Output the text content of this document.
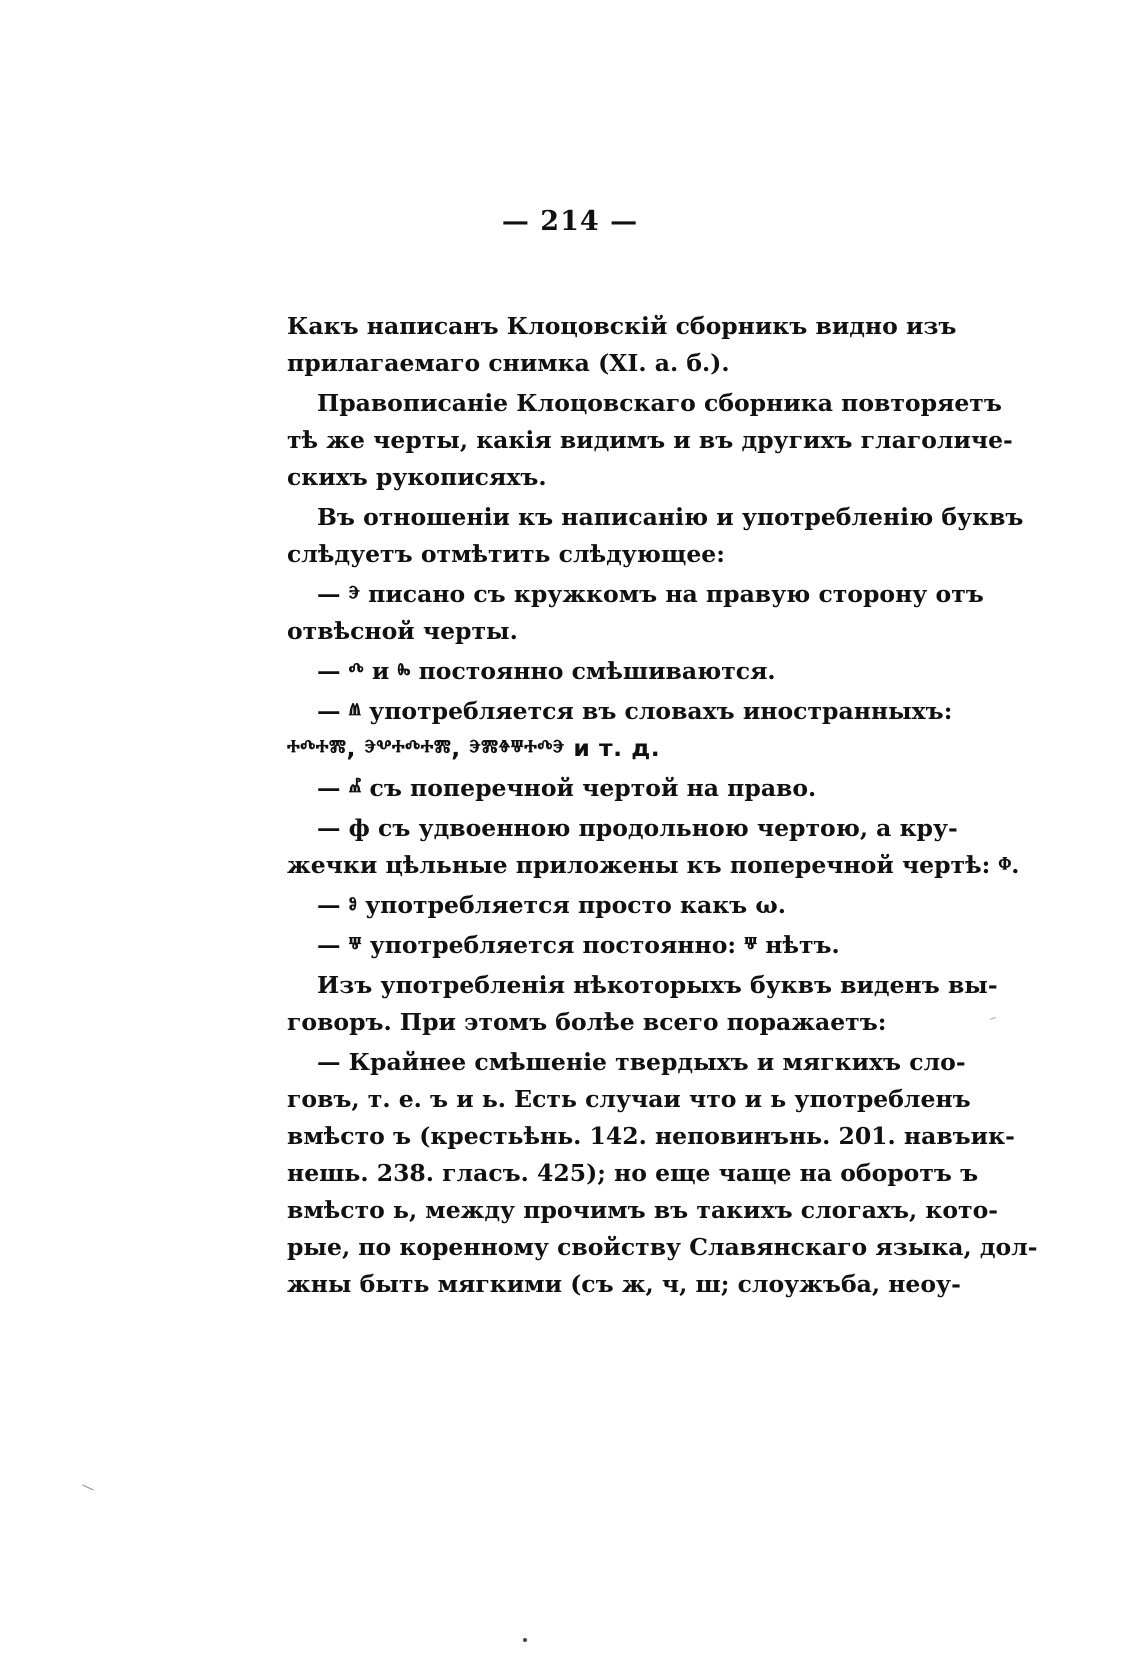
— 214 —
Какъ написанъ Клоцовскій сборникъ видно изъ
прилагаемаго снимка (XI. а. б.).
Правописаніе Клоцовскаго сборника повторяетъ
тѣ же черты, какія видимъ и въ другихъ глаголиче-
скихъ рукописяхъ.
Въ отношеніи къ написанію и употребленію буквъ
слѣдуетъ отмѣтить слѣдующее:
— ⰵ писано съ кружкомъ на правую сторону отъ
отвѣсной черты.
— ⰴ и ⰸ постоянно смѣшиваются.
— ⱞ употребляется въ словахъ иностранныхъ:
ⰰⰴⰰⰿ, ⰵⰲⰰⰴⰰⰿ, ⰵⰿⱖⱋⰰⰴⰵ и т. д.
— ⰼ съ поперечной чертой на право.
— ф съ удвоенною продольною чертою, а кру-
жечки цѣльные приложены къ поперечной чертѣ: ⱇ.
— ⱁ употребляется просто какъ ω.
— ⱋ употребляется постоянно: ⱋ нѣтъ.
Изъ употребленія нѣкоторыхъ буквъ виденъ вы-
говоръ. При этомъ болѣе всего поражаетъ:
— Крайнее смѣшеніе твердыхъ и мягкихъ сло-
говъ, т. е. ъ и ь. Есть случаи что и ь употребленъ
вмѣсто ъ (крестьѣнь. 142. неповинънь. 201. навъик-
нешь. 238. гласъ. 425); но еще чаще на оборотъ ъ
вмѣсто ь, между прочимъ въ такихъ слогахъ, кото-
рые, по коренному свойству Славянскаго языка, дол-
жны быть мягкими (съ ж, ч, ш; слоужъба, неоу-
